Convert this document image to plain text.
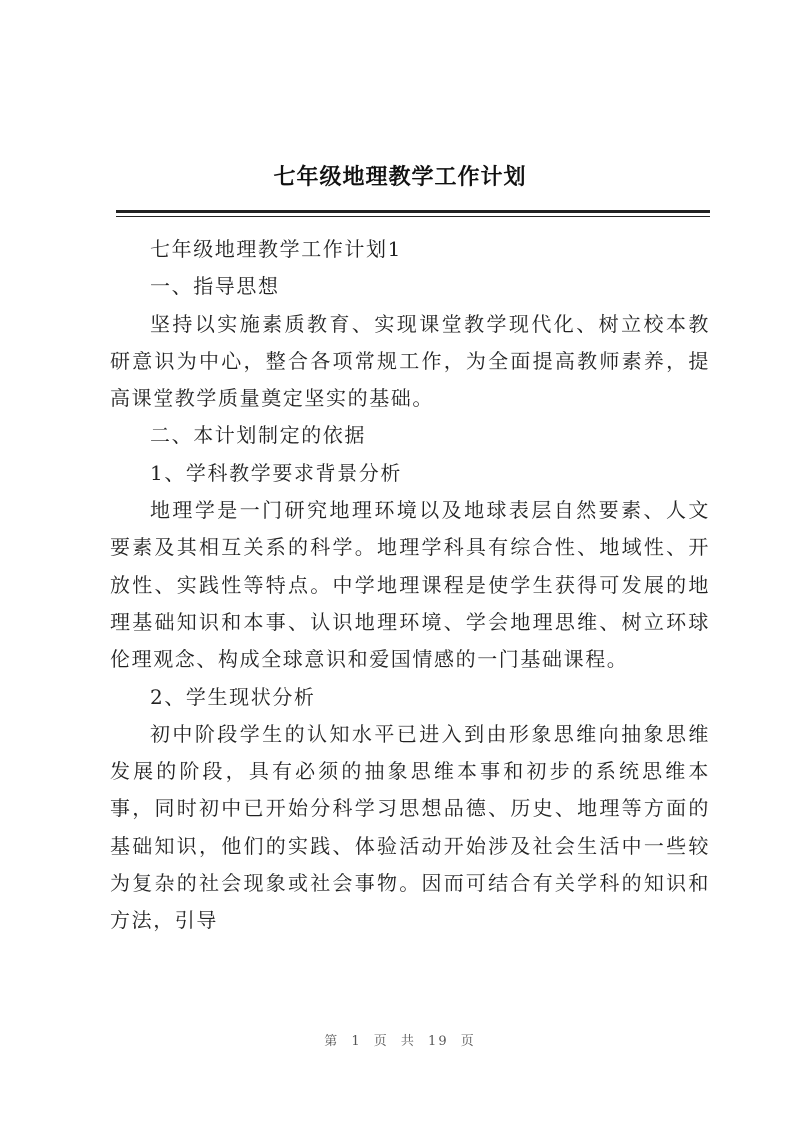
七年级地理教学工作计划

七年级地理教学工作计划1

一、指导思想

坚持以实施素质教育、实现课堂教学现代化、树立校本教研意识为中心，整合各项常规工作，为全面提高教师素养，提高课堂教学质量奠定坚实的基础。

二、本计划制定的依据

1、学科教学要求背景分析

地理学是一门研究地理环境以及地球表层自然要素、人文要素及其相互关系的科学。地理学科具有综合性、地域性、开放性、实践性等特点。中学地理课程是使学生获得可发展的地理基础知识和本事、认识地理环境、学会地理思维、树立环球伦理观念、构成全球意识和爱国情感的一门基础课程。

2、学生现状分析

初中阶段学生的认知水平已进入到由形象思维向抽象思维发展的阶段，具有必须的抽象思维本事和初步的系统思维本事，同时初中已开始分科学习思想品德、历史、地理等方面的基础知识，他们的实践、体验活动开始涉及社会生活中一些较为复杂的社会现象或社会事物。因而可结合有关学科的知识和方法，引导

第 1 页 共 19 页
